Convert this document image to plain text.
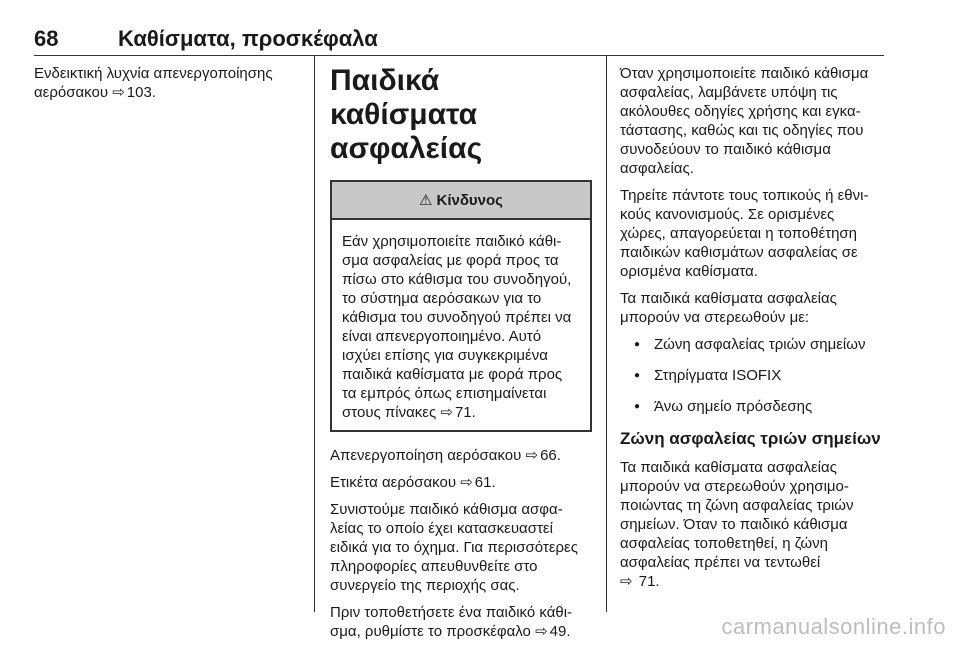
68	Καθίσματα, προσκέφαλα

Ενδεικτική λυχνία απενεργοποίησης
αερόσακου ⇨ 103.	Παιδικά καθίσματα
ασφαλείας
⚠ Κίνδυνος

Εάν χρησιμοποιείτε παιδικό κάθι‐
σμα ασφαλείας με φορά προς τα
πίσω στο κάθισμα του συνοδηγού,
το σύστημα αερόσακων για το
κάθισμα του συνοδηγού πρέπει να
είναι απενεργοποιημένο. Αυτό
ισχύει επίσης για συγκεκριμένα
παιδικά καθίσματα με φορά προς
τα εμπρός όπως επισημαίνεται
στους πίνακες ⇨ 71.

Απενεργοποίηση αερόσακου ⇨ 66.

Ετικέτα αερόσακου ⇨ 61.

Συνιστούμε παιδικό κάθισμα ασφα‐
λείας το οποίο έχει κατασκευαστεί
ειδικά για το όχημα. Για περισσότερες
πληροφορίες απευθυνθείτε στο
συνεργείο της περιοχής σας.

Πριν τοποθετήσετε ένα παιδικό κάθι‐
σμα, ρυθμίστε το προσκέφαλο ⇨ 49.

Όταν χρησιμοποιείτε παιδικό κάθισμα
ασφαλείας, λαμβάνετε υπόψη τις
ακόλουθες οδηγίες χρήσης και εγκα‐
τάστασης, καθώς και τις οδηγίες που
συνοδεύουν το παιδικό κάθισμα
ασφαλείας.

Τηρείτε πάντοτε τους τοπικούς ή εθνι‐
κούς κανονισμούς. Σε ορισμένες
χώρες, απαγορεύεται η τοποθέτηση
παιδικών καθισμάτων ασφαλείας σε
ορισμένα καθίσματα.

Τα παιδικά καθίσματα ασφαλείας
μπορούν να στερεωθούν με:

● Ζώνη ασφαλείας τριών σημείων
● Στηρίγματα ISOFIX
● Άνω σημείο πρόσδεσης
Ζώνη ασφαλείας τριών σημείων

Τα παιδικά καθίσματα ασφαλείας
μπορούν να στερεωθούν χρησιμο‐
ποιώντας τη ζώνη ασφαλείας τριών
σημείων. Όταν το παιδικό κάθισμα
ασφαλείας τοποθετηθεί, η ζώνη
ασφαλείας πρέπει να τεντωθεί
⇨ 71.

carmanualsonline.info
